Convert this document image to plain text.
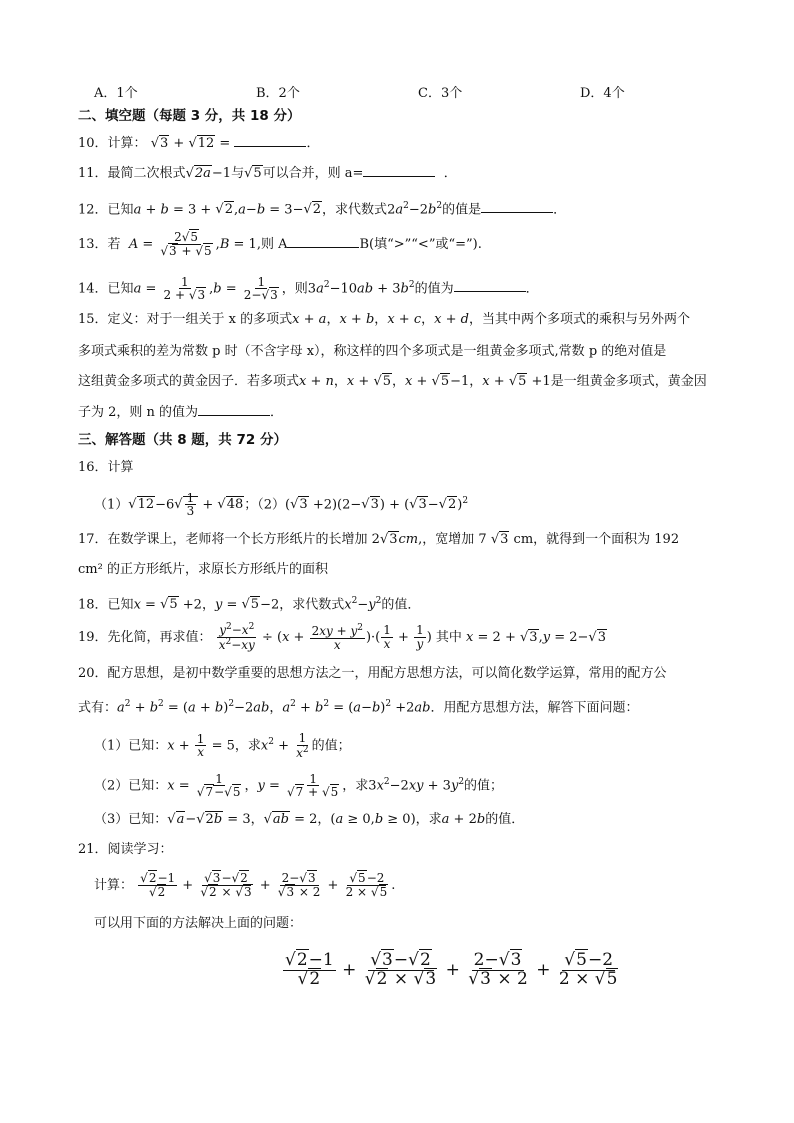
A．1个	B．2个	C．3个	D．4个
二、填空题（每题 3 分，共 18 分）
10．计算： √ 3 + √ 12 =	．
11．最简二次根式 √ 2a−1与 √ 5可以合并，则 a=	．
12．已知a + b = 3 + √ 2,a−b = 3− √ 2，求代数式$2a^2-2b^2$的值是	．
13．若 A = 2 √ 5
√ 3 + √ 5 ,B = 1,则 A	B(填“>”“<”或“=”).
14．已知$a = \frac{1}{2 + √ 3} ,b = \frac{1}{2- √ 3}$ ，则$3a^2-10ab + 3b^2$的值为	．
15．定义：对于一组关于 x 的多项式x + a，x + b，x + c，x + d，当其中两个多项式的乘积与另外两个
多项式乘积的差为常数 p 时（不含字母 x），称这样的四个多项式是一组黄金多项式,常数 p 的绝对值是
这组黄金多项式的黄金因子．若多项式x + n，x + √ 5，x + √ 5−1，x + √ 5 +1是一组黄金多项式，黄金因
子为 2，则 n 的值为	．
三、解答题（共 8 题，共 72 分）
16．计算
（1） √ 12−6 √ $\frac{1}{3}$ + √ 48；（2）( √ 3 +2)(2− √ 3) + ( √ 3− √ 2)$^2$
17．在数学课上，老师将一个长方形纸片的长增加 2 √ 3cm,，宽增加 7 √ 3 cm，就得到一个面积为 192
cm² 的正方形纸片，求原长方形纸片的面积
18．已知x = √ 5 +2，y = √ 5−2，求代数式$x^2-y^2$的值．
19．先化简，再求值： $\frac{y^2-x^2}{x^2-xy} \div (x + \frac{2xy + y^2}{x}$ )·( $\frac{1}{x} + \frac{1}{y}$ ) 其中 x = 2 + √ 3,y = 2− √ 3
20．配方思想，是初中数学重要的思想方法之一，用配方思想方法，可以简化数学运算，常用的配方公
式有：$a^2 + b^2 = (a + b)^2-2ab$，$a^2 + b^2 = (a-b)^2 +2ab$．用配方思想方法，解答下面问题：
（1）已知：$x + \frac{1}{x} = 5$，求$x^2 + \frac{1}{x^2}$ 的值；
（2）已知：x = 1
√ 7− √ 5 ，y = 1
√ 7 + √ 5 ，求$3x^2-2xy + 3y^2$的值；
（3）已知： √ a− √ 2b = 3， √ ab = 2，(a ≥ 0,b ≥ 0)，求a + 2b的值．
21．阅读学习：
计算： √ 2−1
√ 2 + √ 3− √ 2
√ 2 × √ 3 + 2− √ 3
√ 3 × 2 + √ $\frac{5-2}{2 \times √ 5}$ .
可以用下面的方法解决上面的问题：
√ 2−1
√ 2 + √ 3− √ 2
√ 2 × √ 3 + 2− √ 3
√ 3 × 2 + √ $\frac{5-2}{2 \times √ 5}$
